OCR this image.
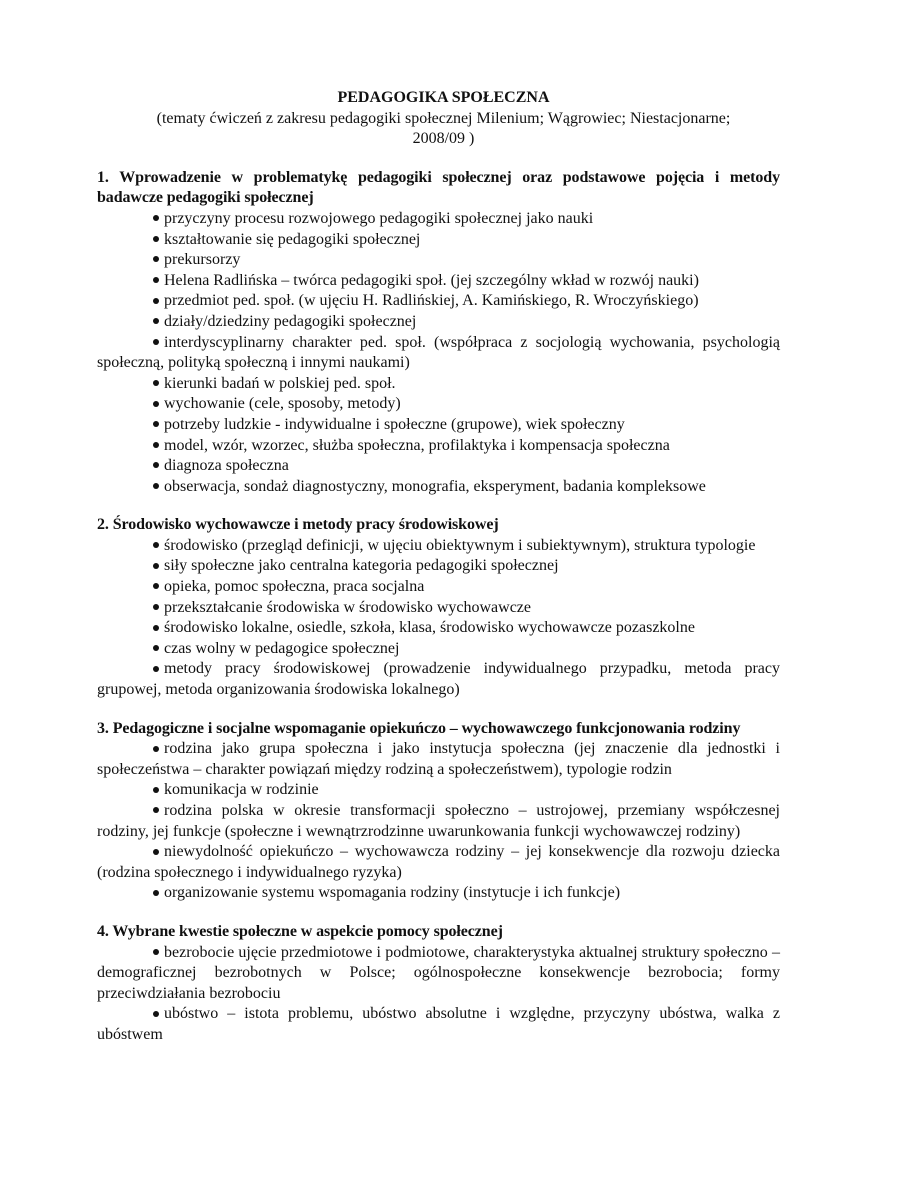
PEDAGOGIKA SPOŁECZNA

(tematy ćwiczeń z zakresu pedagogiki społecznej Milenium; Wągrowiec; Niestacjonarne;
2008/09 )

1. Wprowadzenie w problematykę pedagogiki społecznej oraz podstawowe pojęcia i metody badawcze pedagogiki społecznej

przyczyny procesu rozwojowego pedagogiki społecznej jako nauki

kształtowanie się pedagogiki społecznej

prekursorzy

Helena Radlińska – twórca pedagogiki społ. (jej szczególny wkład w rozwój nauki)

przedmiot ped. społ. (w ujęciu H. Radlińskiej, A. Kamińskiego, R. Wroczyńskiego)

działy/dziedziny pedagogiki społecznej

interdyscyplinarny charakter ped. społ. (współpraca z socjologią wychowania, psychologią społeczną, polityką społeczną i innymi naukami)

kierunki badań w polskiej ped. społ.

wychowanie (cele, sposoby, metody)

potrzeby ludzkie - indywidualne i społeczne (grupowe), wiek społeczny

model, wzór, wzorzec, służba społeczna, profilaktyka i kompensacja społeczna

diagnoza społeczna

obserwacja, sondaż diagnostyczny, monografia, eksperyment, badania kompleksowe

2. Środowisko wychowawcze i metody pracy środowiskowej

środowisko (przegląd definicji, w ujęciu obiektywnym i subiektywnym), struktura typologie

siły społeczne jako centralna kategoria pedagogiki społecznej

opieka, pomoc społeczna, praca socjalna

przekształcanie środowiska w środowisko wychowawcze

środowisko lokalne, osiedle, szkoła, klasa, środowisko wychowawcze pozaszkolne

czas wolny w pedagogice społecznej

metody pracy środowiskowej (prowadzenie indywidualnego przypadku, metoda pracy grupowej, metoda organizowania środowiska lokalnego)

3. Pedagogiczne i socjalne wspomaganie opiekuńczo – wychowawczego funkcjonowania rodziny

rodzina jako grupa społeczna i jako instytucja społeczna (jej znaczenie dla jednostki i społeczeństwa – charakter powiązań między rodziną a społeczeństwem), typologie rodzin

komunikacja w rodzinie

rodzina polska w okresie transformacji społeczno – ustrojowej, przemiany współczesnej rodziny, jej funkcje (społeczne i wewnątrzrodzinne uwarunkowania funkcji wychowawczej rodziny)

niewydolność opiekuńczo – wychowawcza rodziny – jej konsekwencje dla rozwoju dziecka (rodzina społecznego i indywidualnego ryzyka)

organizowanie systemu wspomagania rodziny (instytucje i ich funkcje)

4. Wybrane kwestie społeczne w aspekcie pomocy społecznej

bezrobocie ujęcie przedmiotowe i podmiotowe, charakterystyka aktualnej struktury społeczno – demograficznej bezrobotnych w Polsce; ogólnospołeczne konsekwencje bezrobocia; formy przeciwdziałania bezrobociu

ubóstwo – istota problemu, ubóstwo absolutne i względne, przyczyny ubóstwa, walka z ubóstwem
